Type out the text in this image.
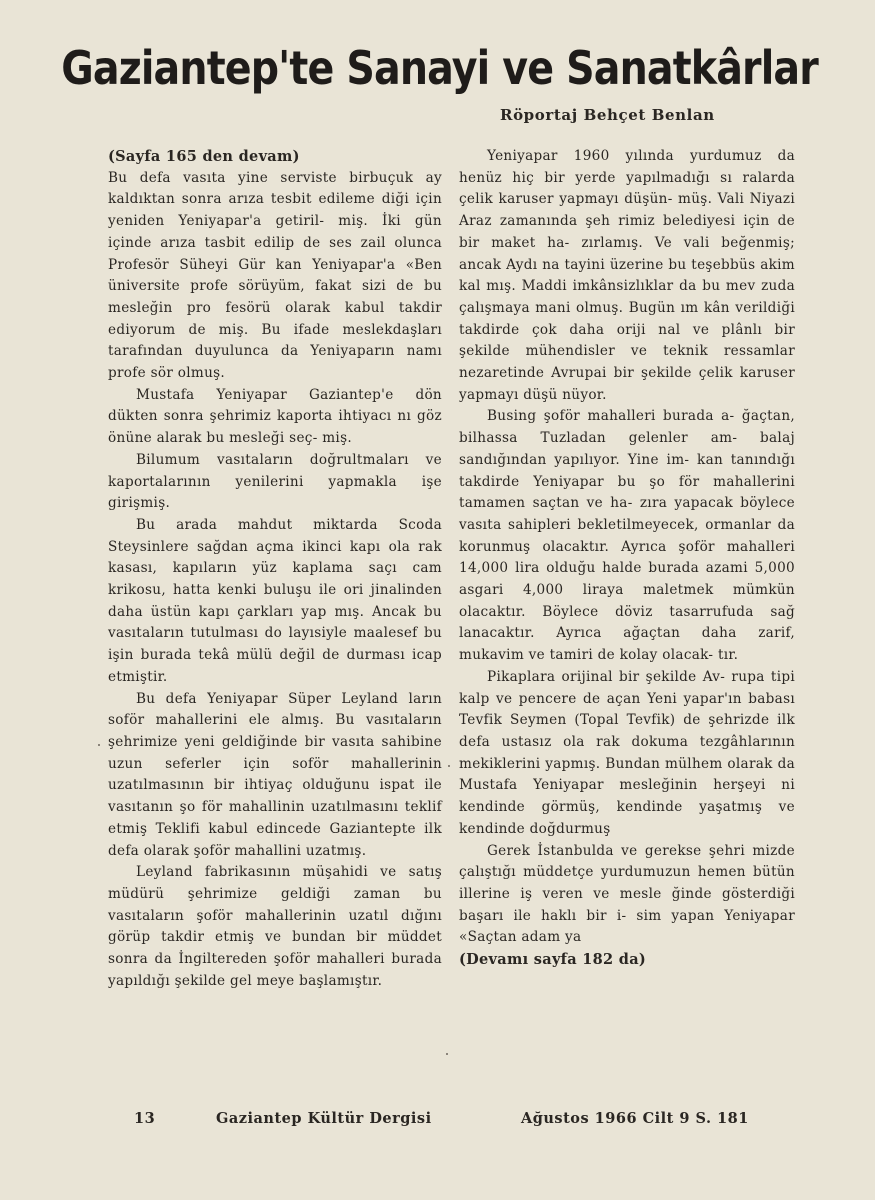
Gaziantep'te Sanayi ve Sanatkârlar
Röportaj Behçet Benlan

(Sayfa 165 den devam)

Bu defa vasıta yine serviste birbuçuk ay kaldıktan sonra arıza tesbit edileme diği için yeniden Yeniyapar'a getiril- miş. İki gün içinde arıza tasbit edilip de ses zail olunca Profesör Süheyi Gür kan Yeniyapar'a «Ben üniversite profe sörüyüm, fakat sizi de bu mesleğin pro fesörü olarak kabul takdir ediyorum de miş. Bu ifade meslekdaşları tarafından duyulunca da Yeniyaparın namı profe sör olmuş.

Mustafa Yeniyapar Gaziantep'e dön dükten sonra şehrimiz kaporta ihtiyacı nı göz önüne alarak bu mesleği seç- miş.

Bilumum vasıtaların doğrultmaları ve kaportalarının yenilerini yapmakla işe girişmiş.

Bu arada mahdut miktarda Scoda Steysinlere sağdan açma ikinci kapı ola rak kasası, kapıların yüz kaplama saçı cam krikosu, hatta kenki buluşu ile ori jinalinden daha üstün kapı çarkları yap mış. Ancak bu vasıtaların tutulması do layısiyle maalesef bu işin burada tekâ mülü değil de durması icap etmiştir.

Bu defa Yeniyapar Süper Leyland ların soför mahallerini ele almış. Bu vasıtaların şehrimize yeni geldiğinde bir vasıta sahibine uzun seferler için soför mahallerinin uzatılmasının bir ihtiyaç olduğunu ispat ile vasıtanın şo för mahallinin uzatılmasını teklif etmiş Teklifi kabul edincede Gaziantepte ilk defa olarak şoför mahallini uzatmış.

Leyland fabrikasının müşahidi ve satış müdürü şehrimize geldiği zaman bu vasıtaların şoför mahallerinin uzatıl dığını görüp takdir etmiş ve bundan bir müddet sonra da İngiltereden şoför mahalleri burada yapıldığı şekilde gel meye başlamıştır.

Yeniyapar 1960 yılında yurdumuz da henüz hiç bir yerde yapılmadığı sı ralarda çelik karuser yapmayı düşün- müş. Vali Niyazi Araz zamanında şeh rimiz belediyesi için de bir maket ha- zırlamış. Ve vali beğenmiş; ancak Aydı na tayini üzerine bu teşebbüs akim kal mış. Maddi imkânsizlıklar da bu mev zuda çalışmaya mani olmuş. Bugün ım kân verildiği takdirde çok daha oriji nal ve plânlı bir şekilde mühendisler ve teknik ressamlar nezaretinde Avrupai bir şekilde çelik karuser yapmayı düşü nüyor.

Busing şoför mahalleri burada a- ğaçtan, bilhassa Tuzladan gelenler am- balaj sandığından yapılıyor. Yine im- kan tanındığı takdirde Yeniyapar bu şo för mahallerini tamamen saçtan ve ha- zıra yapacak böylece vasıta sahipleri bekletilmeyecek, ormanlar da korunmuş olacaktır. Ayrıca şoför mahalleri 14,000 lira olduğu halde burada azami 5,000 asgari 4,000 liraya maletmek mümkün olacaktır. Böylece döviz tasarrufuda sağ lanacaktır. Ayrıca ağaçtan daha zarif, mukavim ve tamiri de kolay olacak- tır.

Pikaplara orijinal bir şekilde Av- rupa tipi kalp ve pencere de açan Yeni yapar'ın babası Tevfik Seymen (Topal Tevfik) de şehrizde ilk defa ustasız ola rak dokuma tezgâhlarının mekiklerini yapmış. Bundan mülhem olarak da Mustafa Yeniyapar mesleğinin herşeyi ni kendinde görmüş, kendinde yaşatmış ve kendinde doğdurmuş

Gerek İstanbulda ve gerekse şehri mizde çalıştığı müddetçe yurdumuzun hemen bütün illerine iş veren ve mesle ğinde gösterdiği başarı ile haklı bir i- sim yapan Yeniyapar «Saçtan adam ya

(Devamı sayfa 182 da)

13	Gaziantep Kültür Dergisi	Ağustos 1966 Cilt 9 S. 181
